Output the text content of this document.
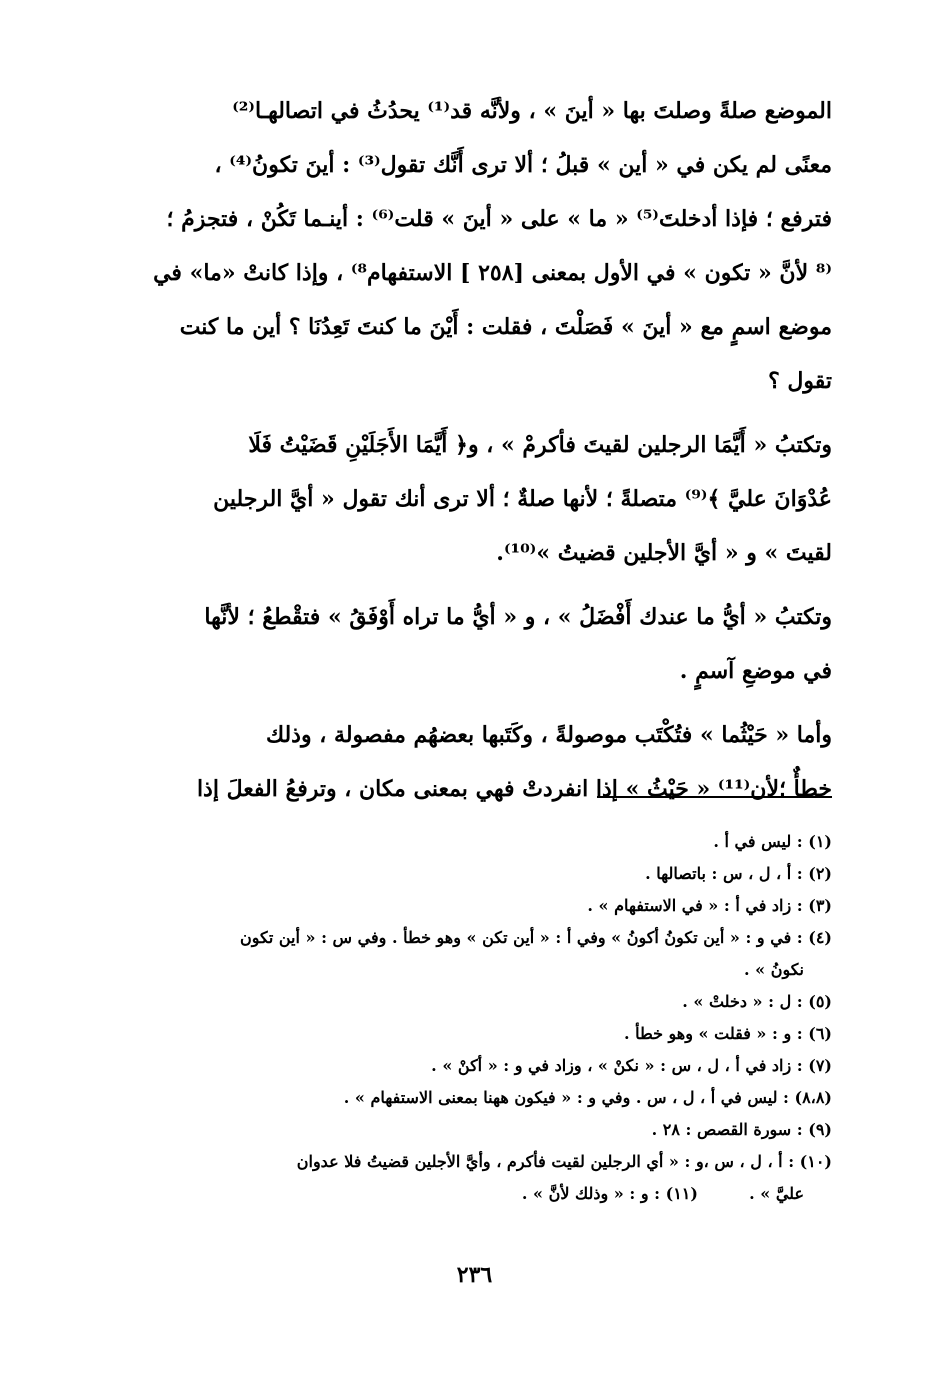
الموضع صلةً وصلتَ بها « أينَ » ، ولأنَّه قد⁽¹⁾ يحدُثُ في اتصالهـا⁽²⁾
معنًى لم يكن في « أين » قبلُ ؛ ألا ترى أَنَّك تقول⁽³⁾ : أينَ تكونُ⁽⁴⁾ ،
فترفع ؛ فإذا أدخلتَ⁽⁵⁾ « ما » على « أينَ » قلت⁽⁶⁾ : أينـما تَكُنْ ، فتجزمُ ؛
⁽⁸ لأنَّ « تكون » في الأول بمعنى [٢٥٨ ] الاستفهام⁸⁾ ، وإذا كانتْ «ما» في
موضع اسمٍ مع « أينَ » فَصَلْتَ ، فقلت : أَيْنَ ما كنتَ تَعِدُنَا ؟ أين ما كنت
تقول ؟
وتكتبُ « أَيَّمَا الرجلين لقيتَ فأكرمْ » ، و﴿ أَيَّمَا الأَجَلَيْنِ قَضَيْتُ فَلَا
عُدْوَانَ عليَّ ﴾⁽⁹⁾ متصلةً ؛ لأنها صلةٌ ؛ ألا ترى أنك تقول « أيَّ الرجلين
لقيتَ » و « أيَّ الأجلين قضيتُ »⁽¹⁰⁾.
وتكتبُ « أيُّ ما عندك أَفْضَلُ » ، و « أيُّ ما تراه أَوْفَقُ » فتقْطعُ ؛ لأنَّها
في موضعِ آسمٍ .
وأما « حَيْثُما » فتُكْتَب موصولةً ، وكَتَبها بعضهُم مفصولة ، وذلك
خطأٌ ؛لأن⁽¹¹⁾ « حَيْثُ » إذا انفردتْ فهي بمعنى مكان ، وترفعُ الفعلَ إذا
(١) : ليس في أ .
(٢) : أ ، ل ، س : باتصالها .
(٣) : زاد في أ : « في الاستفهام » .
(٤) : في و : « أين تكونُ أكونُ » وفي أ : « أين تكن » وهو خطأ . وفي س : « أين تكون
نكونُ » .
(٥) : ل : « دخلتْ » .
(٦) : و : « فقلت » وهو خطأ .
(٧) : زاد في أ ، ل ، س : « نكنْ » ، وزاد في و : « أكنْ » .
(٨،٨) : ليس في أ ، ل ، س . وفي و : « فيكون ههنا بمعنى الاستفهام » .
(٩) : سورة القصص : ٢٨ .
(١٠) : أ ، ل ، س ،و : « أي الرجلين لقيت فأكرم ، وأيَّ الأجلين قضيتُ فلا عدوان
عليَّ » .  (١١) : و : « وذلك لأنَّ » .
٢٣٦
